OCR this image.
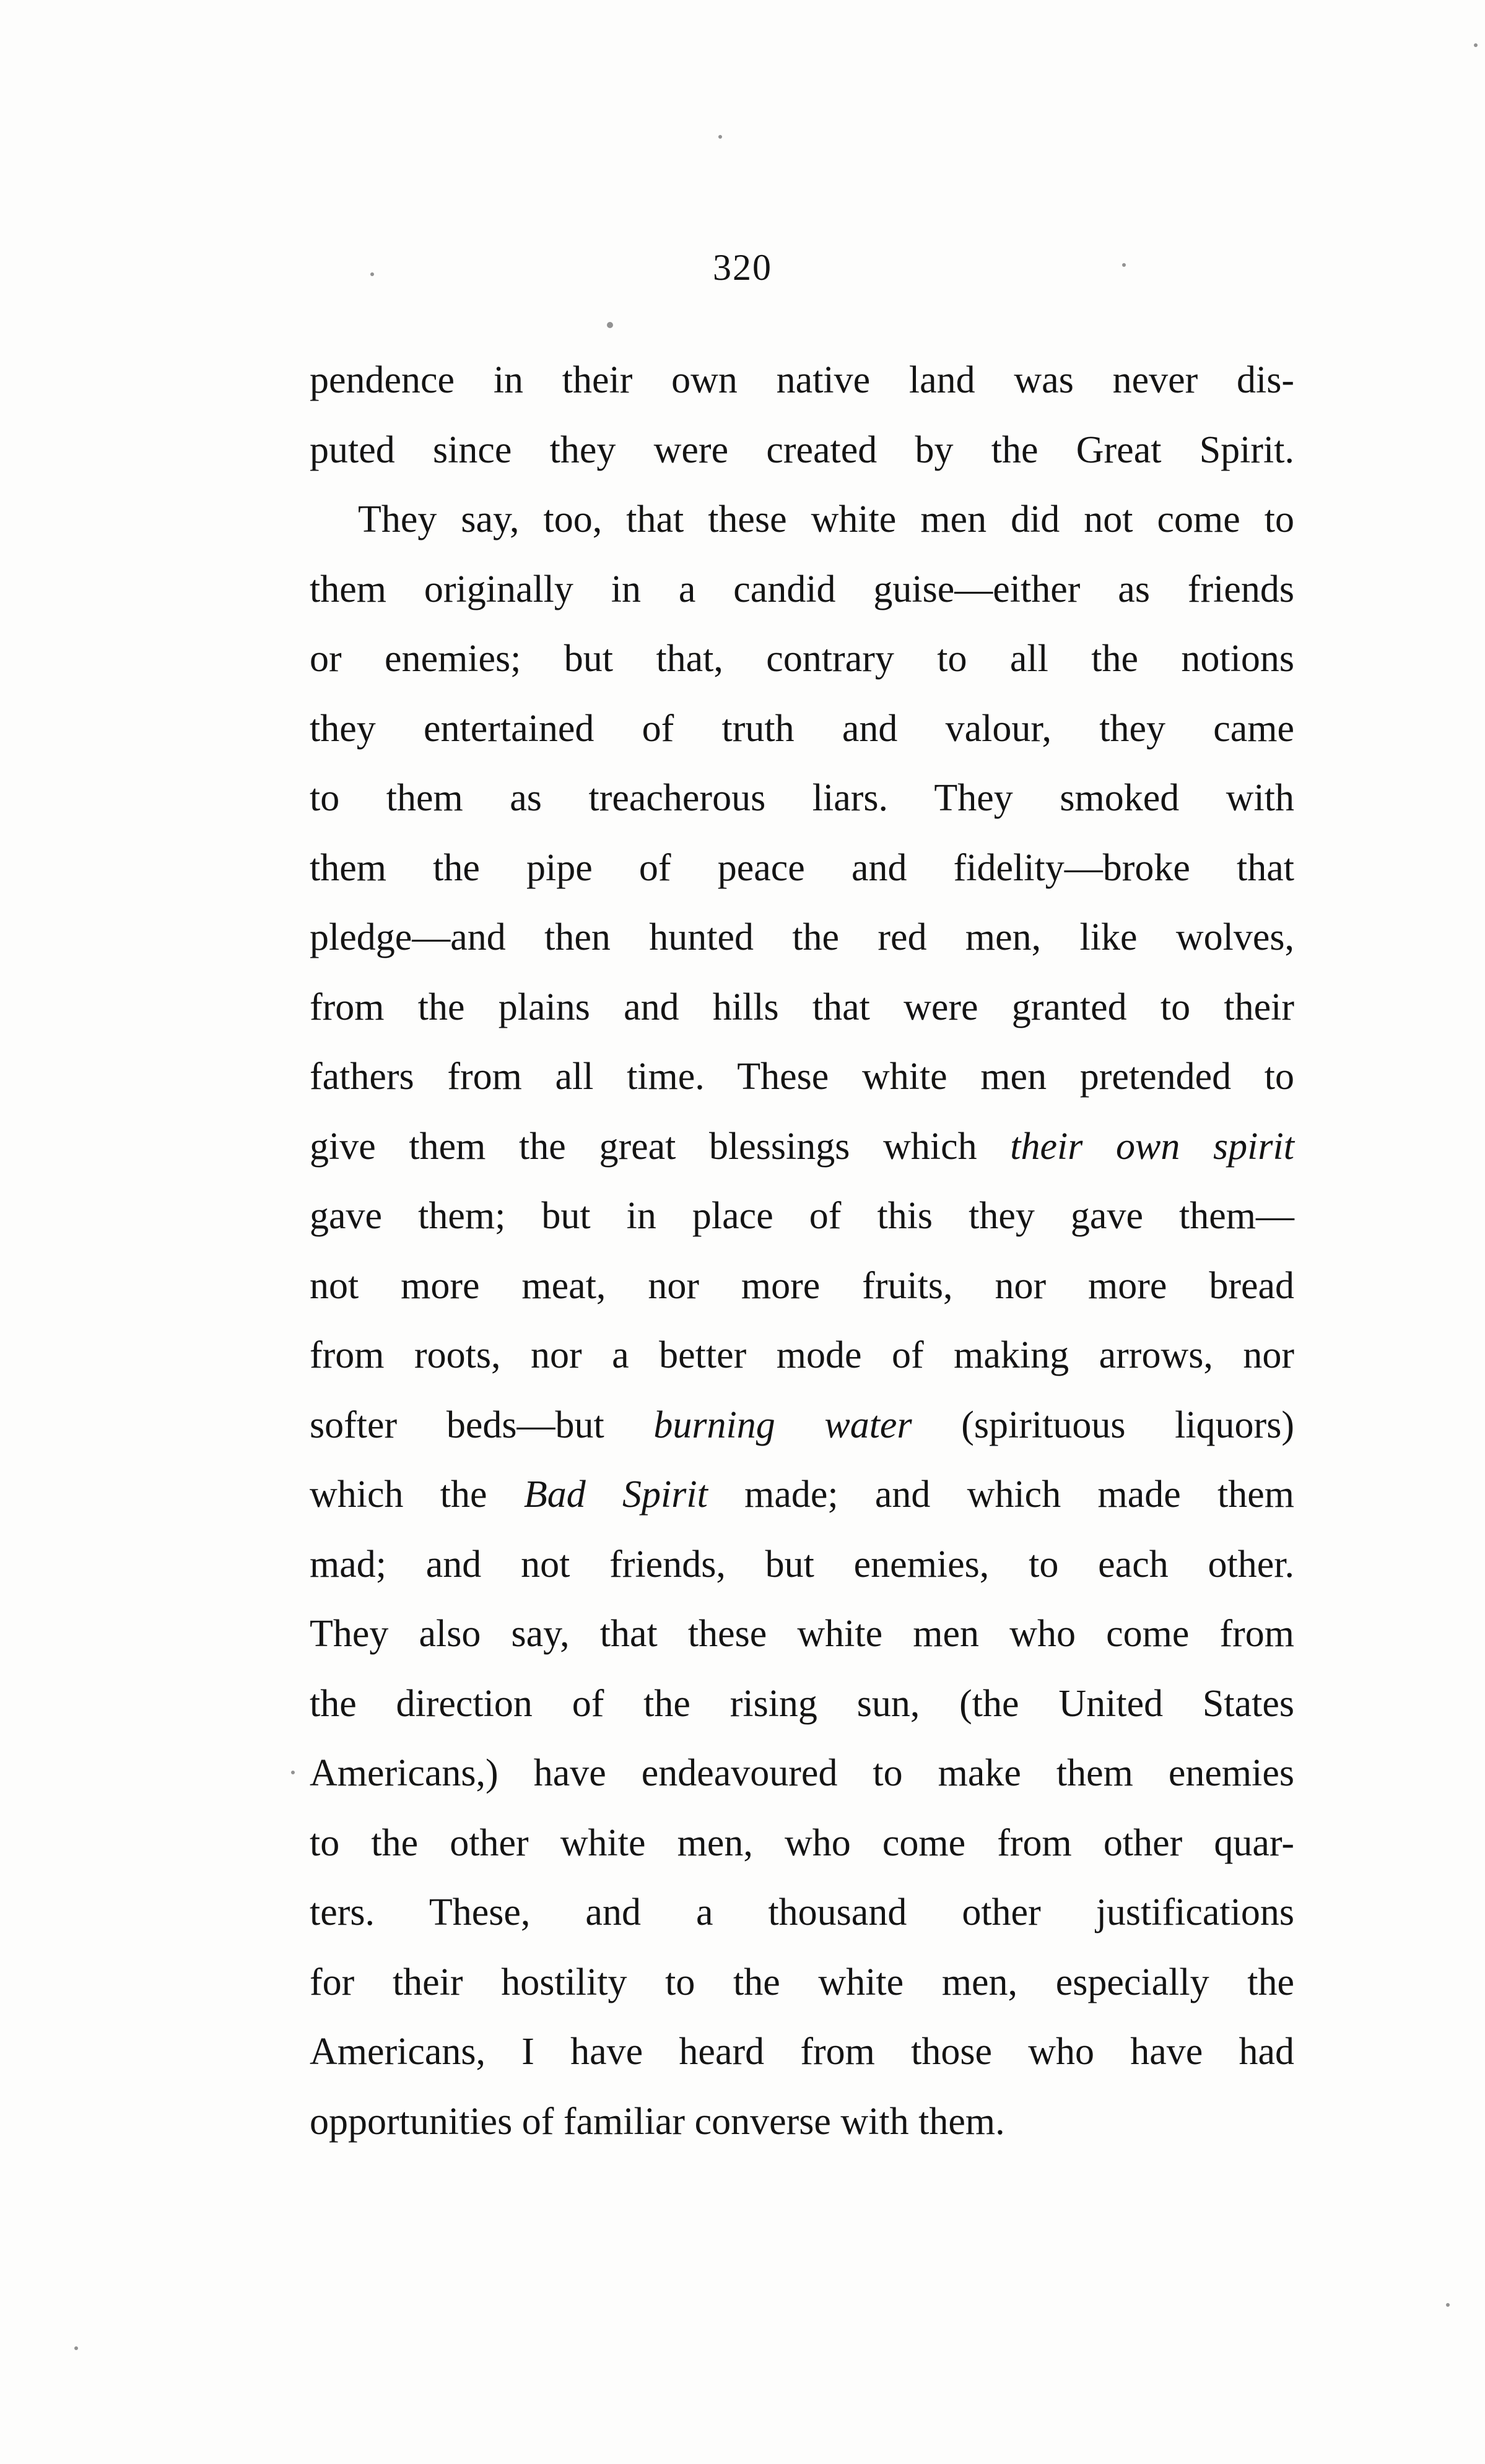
320
pendence in their own native land was never dis-
puted since they were created by the Great Spirit.
They say, too, that these white men did not come to
them originally in a candid guise—either as friends
or enemies; but that, contrary to all the notions
they entertained of truth and valour, they came
to them as treacherous liars. They smoked with
them the pipe of peace and fidelity—broke that
pledge—and then hunted the red men, like wolves,
from the plains and hills that were granted to their
fathers from all time. These white men pretended to
give them the great blessings which their own spirit
gave them; but in place of this they gave them—
not more meat, nor more fruits, nor more bread
from roots, nor a better mode of making arrows, nor
softer beds—but burning water (spirituous liquors)
which the Bad Spirit made; and which made them
mad; and not friends, but enemies, to each other.
They also say, that these white men who come from
the direction of the rising sun, (the United States
Americans,) have endeavoured to make them enemies
to the other white men, who come from other quar-
ters. These, and a thousand other justifications
for their hostility to the white men, especially the
Americans, I have heard from those who have had
opportunities of familiar converse with them.
